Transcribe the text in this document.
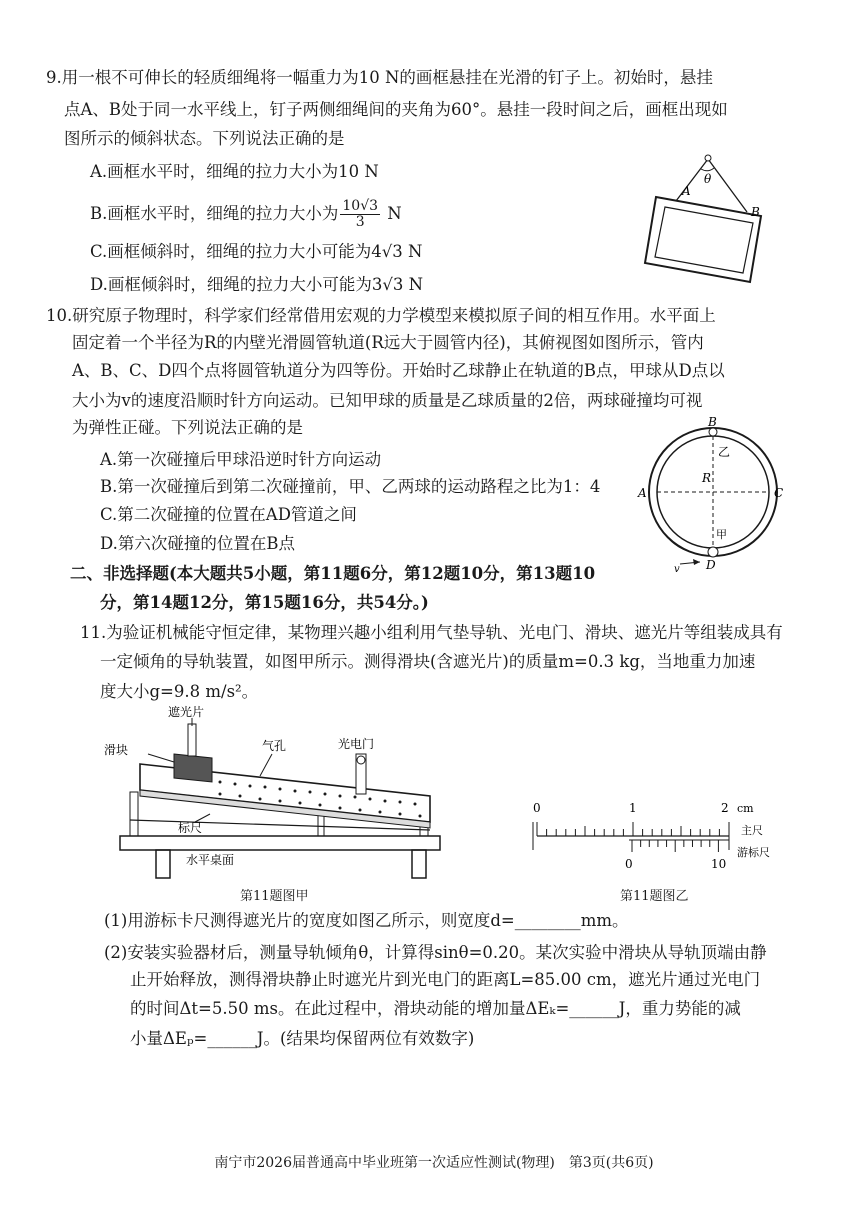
9.用一根不可伸长的轻质细绳将一幅重力为10 N的画框悬挂在光滑的钉子上。初始时，悬挂
点A、B处于同一水平线上，钉子两侧细绳间的夹角为60°。悬挂一段时间之后，画框出现如
图所示的倾斜状态。下列说法正确的是
A.画框水平时，细绳的拉力大小为10 N
B.画框水平时，细绳的拉力大小为 $\frac{10√3}{3}$ N
C.画框倾斜时，细绳的拉力大小可能为4√3 N
D.画框倾斜时，细绳的拉力大小可能为3√3 N
θ
A
B
10.研究原子物理时，科学家们经常借用宏观的力学模型来模拟原子间的相互作用。水平面上
固定着一个半径为R的内壁光滑圆管轨道(R远大于圆管内径)，其俯视图如图所示，管内
A、B、C、D四个点将圆管轨道分为四等份。开始时乙球静止在轨道的B点，甲球从D点以
大小为v的速度沿顺时针方向运动。已知甲球的质量是乙球质量的2倍，两球碰撞均可视
为弹性正碰。下列说法正确的是
A.第一次碰撞后甲球沿逆时针方向运动
B.第一次碰撞后到第二次碰撞前，甲、乙两球的运动路程之比为1：4
C.第二次碰撞的位置在AD管道之间
D.第六次碰撞的位置在B点
B
乙
R
A	C
甲
D
v
二、非选择题(本大题共5小题，第11题6分，第12题10分，第13题10
分，第14题12分，第15题16分，共54分。)
11.为验证机械能守恒定律，某物理兴趣小组利用气垫导轨、光电门、滑块、遮光片等组装成具有
一定倾角的导轨装置，如图甲所示。测得滑块(含遮光片)的质量m=0.3 kg，当地重力加速
度大小g=9.8 m/s²。
遮光片
滑块	气孔	光电门
标尺
水平桌面
第11题图甲
0	1	2 cm
主尺
0	10
游标尺
第11题图乙
(1)用游标卡尺测得遮光片的宽度如图乙所示，则宽度d=________mm。
(2)安装实验器材后，测量导轨倾角θ，计算得sinθ=0.20。某次实验中滑块从导轨顶端由静
止开始释放，测得滑块静止时遮光片到光电门的距离L=85.00 cm，遮光片通过光电门
的时间Δt=5.50 ms。在此过程中，滑块动能的增加量ΔEₖ=______J，重力势能的减
小量ΔEₚ=______J。(结果均保留两位有效数字)
南宁市2026届普通高中毕业班第一次适应性测试(物理)　第3页(共6页)
